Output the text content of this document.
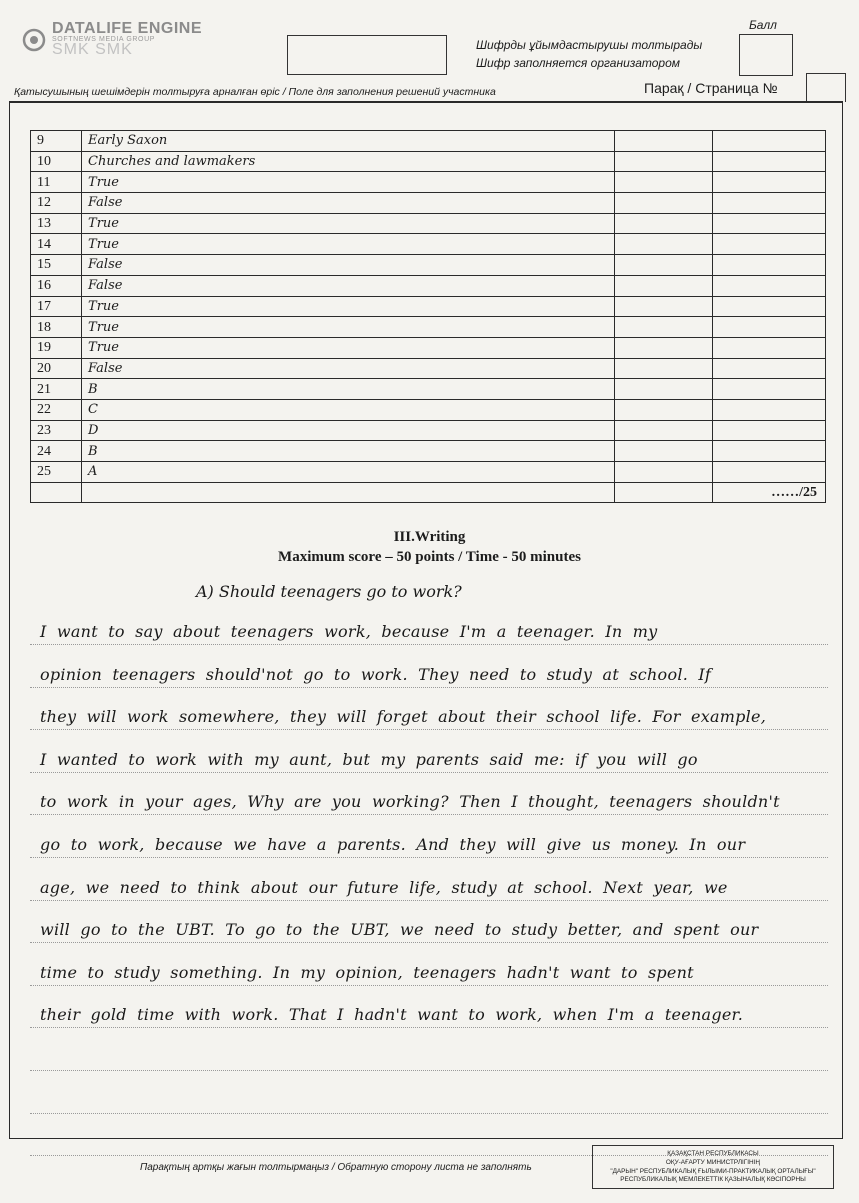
DATALIFE ENGINE
SOFTNEWS MEDIA GROUP
SMK SMK	Шифрды ұйымдастырушы толтырады
Шифр заполняется организатором
Балл
Қатысушының шешімдерін толтыруға арналған өріс / Поле для заполнения решений участника	Парақ / Страница №
9	Early Saxon		
10	Churches and lawmakers		
11	True		
12	False		
13	True		
14	True		
15	False		
16	False		
17	True		
18	True		
19	True		
20	False		
21	B		
22	C		
23	D		
24	B		
25	A		
			……/25
III.Writing
Maximum score – 50 points / Time - 50 minutes
A) Should teenagers go to work?
I want to say about teenagers work, because I'm a teenager. In my
opinion teenagers should'not go to work. They need to study at school. If
they will work somewhere, they will forget about their school life. For example,
I wanted to work with my aunt, but my parents said me: if you will go
to work in your ages, Why are you working? Then I thought, teenagers shouldn't
go to work, because we have a parents. And they will give us money. In our
age, we need to think about our future life, study at school. Next year, we
will go to the UBT. To go to the UBT, we need to study better, and spent our
time to study something. In my opinion, teenagers hadn't want to spent
their gold time with work. That I hadn't want to work, when I'm a teenager.
Парақтың артқы жағын толтырмаңыз / Обратную сторону листа не заполнять
ҚАЗАҚСТАН РЕСПУБЛИКАСЫ
ОҚУ-АҒАРТУ МИНИСТРЛІГІНІҢ
"ДАРЫН" РЕСПУБЛИКАЛЫҚ ҒЫЛЫМИ-ПРАКТИКАЛЫҚ ОРТАЛЫҒЫ"
РЕСПУБЛИКАЛЫҚ МЕМЛЕКЕТТІК ҚАЗЫНАЛЫҚ КӘСІПОРНЫ
